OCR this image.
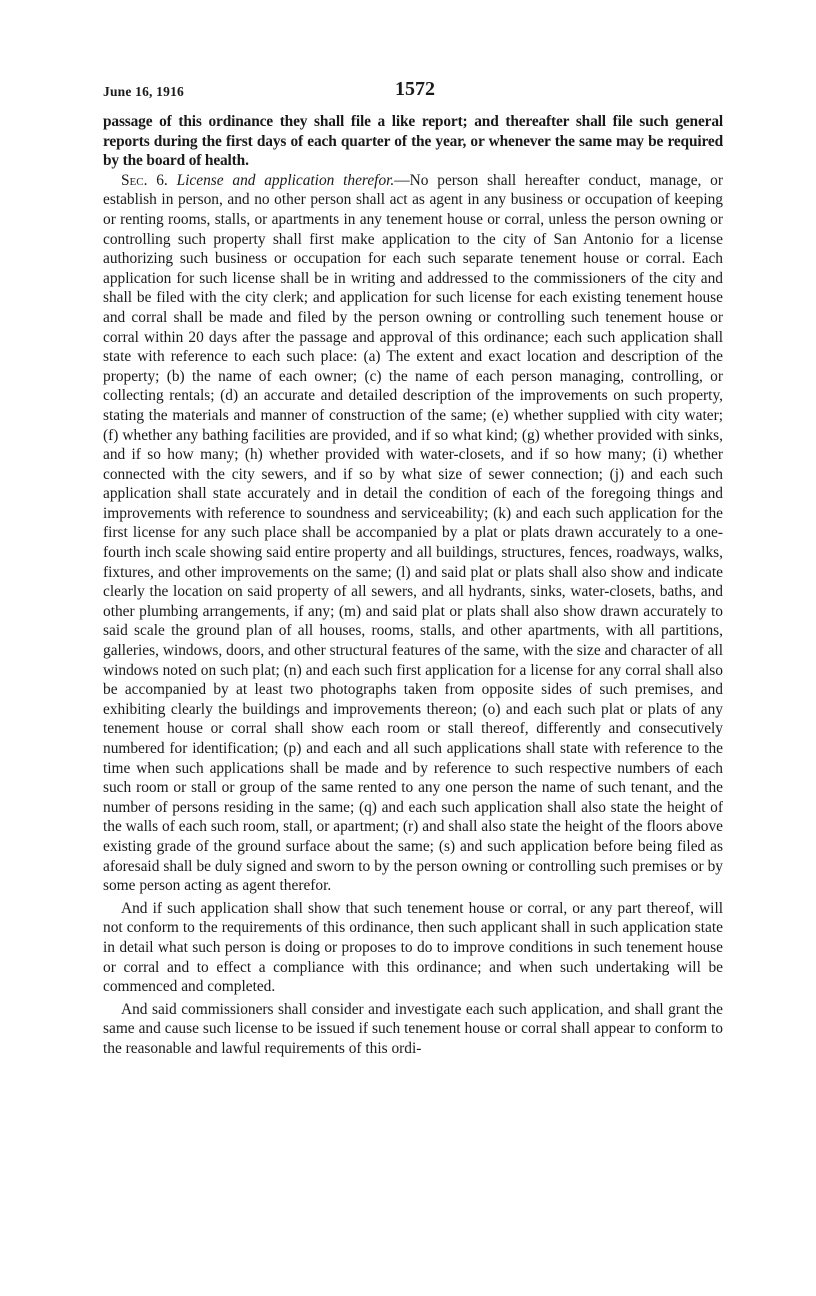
June 16, 1916	1572

passage of this ordinance they shall file a like report; and thereafter shall file such general reports during the first days of each quarter of the year, or whenever the same may be required by the board of health.

Sec. 6. License and application therefor.—No person shall hereafter conduct, manage, or establish in person, and no other person shall act as agent in any business or occupation of keeping or renting rooms, stalls, or apartments in any tenement house or corral, unless the person owning or controlling such property shall first make application to the city of San Antonio for a license authorizing such business or occupation for each such separate tenement house or corral. Each application for such license shall be in writing and addressed to the commissioners of the city and shall be filed with the city clerk; and application for such license for each existing tenement house and corral shall be made and filed by the person owning or controlling such tenement house or corral within 20 days after the passage and approval of this ordinance; each such application shall state with reference to each such place: (a) The extent and exact location and description of the property; (b) the name of each owner; (c) the name of each person managing, controlling, or collecting rentals; (d) an accurate and detailed description of the improvements on such property, stating the materials and manner of construction of the same; (e) whether supplied with city water; (f) whether any bathing facilities are provided, and if so what kind; (g) whether provided with sinks, and if so how many; (h) whether provided with water-closets, and if so how many; (i) whether connected with the city sewers, and if so by what size of sewer connection; (j) and each such application shall state accurately and in detail the condition of each of the foregoing things and improvements with reference to soundness and serviceability; (k) and each such application for the first license for any such place shall be accompanied by a plat or plats drawn accurately to a one-fourth inch scale showing said entire property and all buildings, structures, fences, roadways, walks, fixtures, and other improvements on the same; (l) and said plat or plats shall also show and indicate clearly the location on said property of all sewers, and all hydrants, sinks, water-closets, baths, and other plumbing arrangements, if any; (m) and said plat or plats shall also show drawn accurately to said scale the ground plan of all houses, rooms, stalls, and other apartments, with all partitions, galleries, windows, doors, and other structural features of the same, with the size and character of all windows noted on such plat; (n) and each such first application for a license for any corral shall also be accompanied by at least two photographs taken from opposite sides of such premises, and exhibiting clearly the buildings and improvements thereon; (o) and each such plat or plats of any tenement house or corral shall show each room or stall thereof, differently and consecutively numbered for identification; (p) and each and all such applications shall state with reference to the time when such applications shall be made and by reference to such respective numbers of each such room or stall or group of the same rented to any one person the name of such tenant, and the number of persons residing in the same; (q) and each such application shall also state the height of the walls of each such room, stall, or apartment; (r) and shall also state the height of the floors above existing grade of the ground surface about the same; (s) and such application before being filed as aforesaid shall be duly signed and sworn to by the person owning or controlling such premises or by some person acting as agent therefor.

And if such application shall show that such tenement house or corral, or any part thereof, will not conform to the requirements of this ordinance, then such applicant shall in such application state in detail what such person is doing or proposes to do to improve conditions in such tenement house or corral and to effect a compliance with this ordinance; and when such undertaking will be commenced and completed.

And said commissioners shall consider and investigate each such application, and shall grant the same and cause such license to be issued if such tenement house or corral shall appear to conform to the reasonable and lawful requirements of this ordi-
